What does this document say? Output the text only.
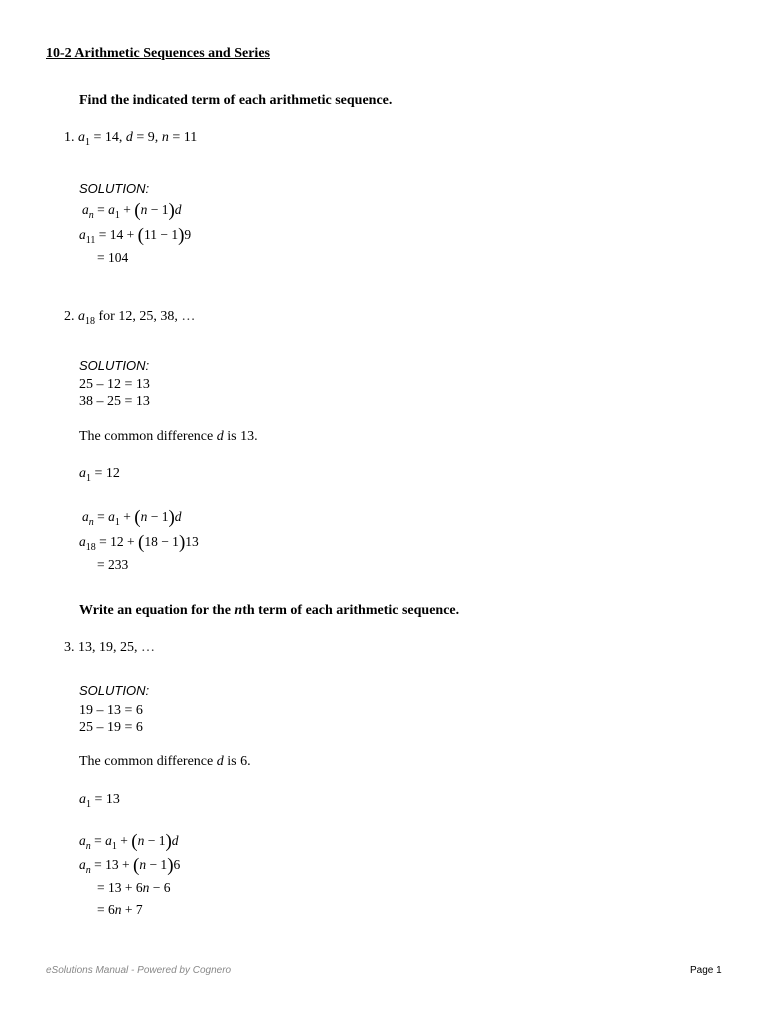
10-2 Arithmetic Sequences and Series
Find the indicated term of each arithmetic sequence.
1. $a_1 = 14$, d = 9, n = 11
SOLUTION:
$a_n = a_1 + (n - 1)d$
$a_{11} = 14 + (11 - 1)9$
= 104
2. $a_{18}$ for 12, 25, 38, …
SOLUTION:
25 – 12 = 13
38 – 25 = 13
The common difference d is 13.
$a_1 = 12$
$a_n = a_1 + (n - 1)d$
$a_{18} = 12 + (18 - 1)13$
= 233
Write an equation for the nth term of each arithmetic sequence.
3. 13, 19, 25, …
SOLUTION:
19 – 13 = 6
25 – 19 = 6
The common difference d is 6.
$a_1 = 13$
$a_n = a_1 + (n - 1)d$
$a_n = 13 + (n - 1)6$
= 13 + 6n − 6
= 6n + 7
eSolutions Manual - Powered by Cognero	Page 1
